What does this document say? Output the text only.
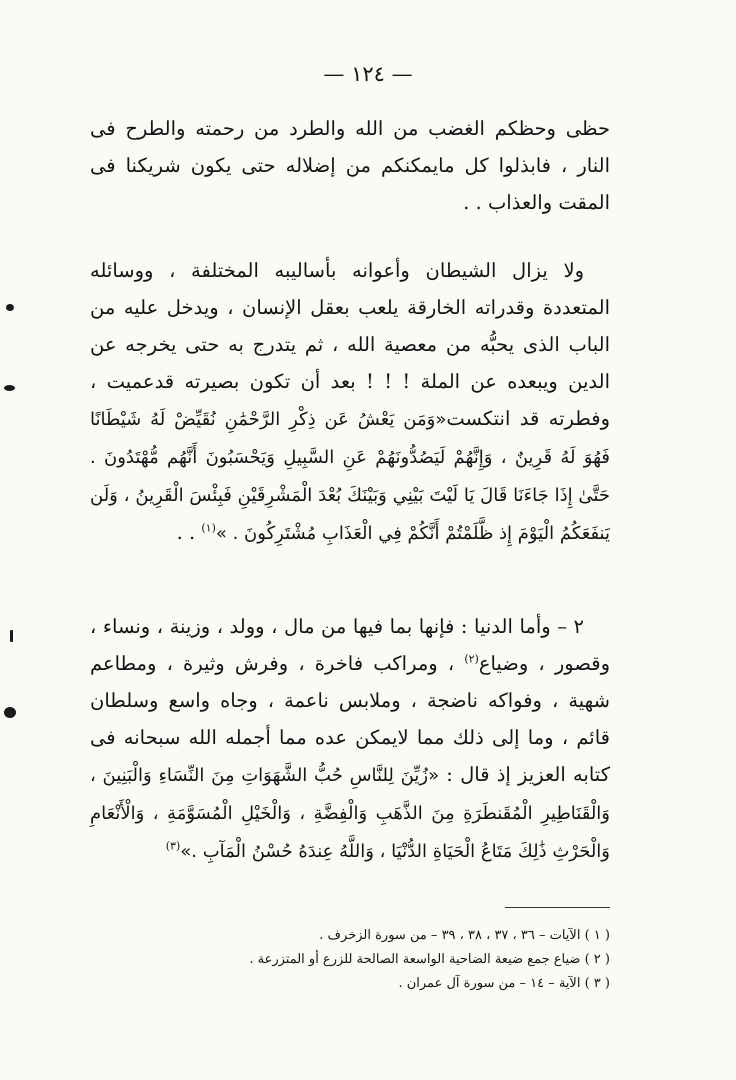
— ١٢٤ —

حظى وحظكم الغضب من الله والطرد من رحمته والطرح فى النار ، فابذلوا كل مايمكنكم من إضلاله حتى يكون شريكنا فى المقت والعذاب . .

ولا يزال الشيطان وأعوانه بأساليبه المختلفة ، ووسائله المتعددة وقدراته الخارقة يلعب بعقل الإنسان ، ويدخل عليه من الباب الذى يحبُّه من معصية الله ، ثم يتدرج به حتى يخرجه عن الدين ويبعده عن الملة ! ! ! بعد أن تكون بصيرته قدعميت ، وفطرته قد انتكست«وَمَن يَعْشُ عَن ذِكْرِ الرَّحْمَٰنِ نُقَيِّضْ لَهُ شَيْطَانًا فَهُوَ لَهُ قَرِينٌ ، وَإِنَّهُمْ لَيَصُدُّونَهُمْ عَنِ السَّبِيلِ وَيَحْسَبُونَ أَنَّهُم مُّهْتَدُونَ . حَتَّىٰ إِذَا جَاءَنَا قَالَ يَا لَيْتَ بَيْنِي وَبَيْنَكَ بُعْدَ الْمَشْرِقَيْنِ فَبِئْسَ الْقَرِينُ ، وَلَن يَنفَعَكُمُ الْيَوْمَ إِذ ظَّلَمْتُمْ أَنَّكُمْ فِي الْعَذَابِ مُشْتَرِكُونَ . »$^{(١)}$ . .

٢ – وأما الدنيا : فإنها بما فيها من مال ، وولد ، وزينة ، ونساء ، وقصور ، وضياع$^{(٢)}$ ، ومراكب فاخرة ، وفرش وثيرة ، ومطاعم شهية ، وفواكه ناضجة ، وملابس ناعمة ، وجاه واسع وسلطان قائم ، وما إلى ذلك مما لايمكن عده مما أجمله الله سبحانه فى كتابه العزيز إذ قال : «زُيِّنَ لِلنَّاسِ حُبُّ الشَّهَوَاتِ مِنَ النِّسَاءِ وَالْبَنِينَ ، وَالْقَنَاطِيرِ الْمُقَنطَرَةِ مِنَ الذَّهَبِ وَالْفِضَّةِ ، وَالْخَيْلِ الْمُسَوَّمَةِ ، وَالْأَنْعَامِ وَالْحَرْثِ ذَٰلِكَ مَتَاعُ الْحَيَاةِ الدُّنْيَا ، وَاللَّهُ عِندَهُ حُسْنُ الْمَآبِ .»$^{(٣)}$

( ١ ) الآيات – ٣٦ ، ٣٧ ، ٣٨ ، ٣٩ – من سورة الزخرف .

( ٢ ) ضياع جمع ضيعة الضاحية الواسعة الصالحة للزرع أو المتزرعة .

( ٣ ) الآية – ١٤ – من سورة آل عمران .
